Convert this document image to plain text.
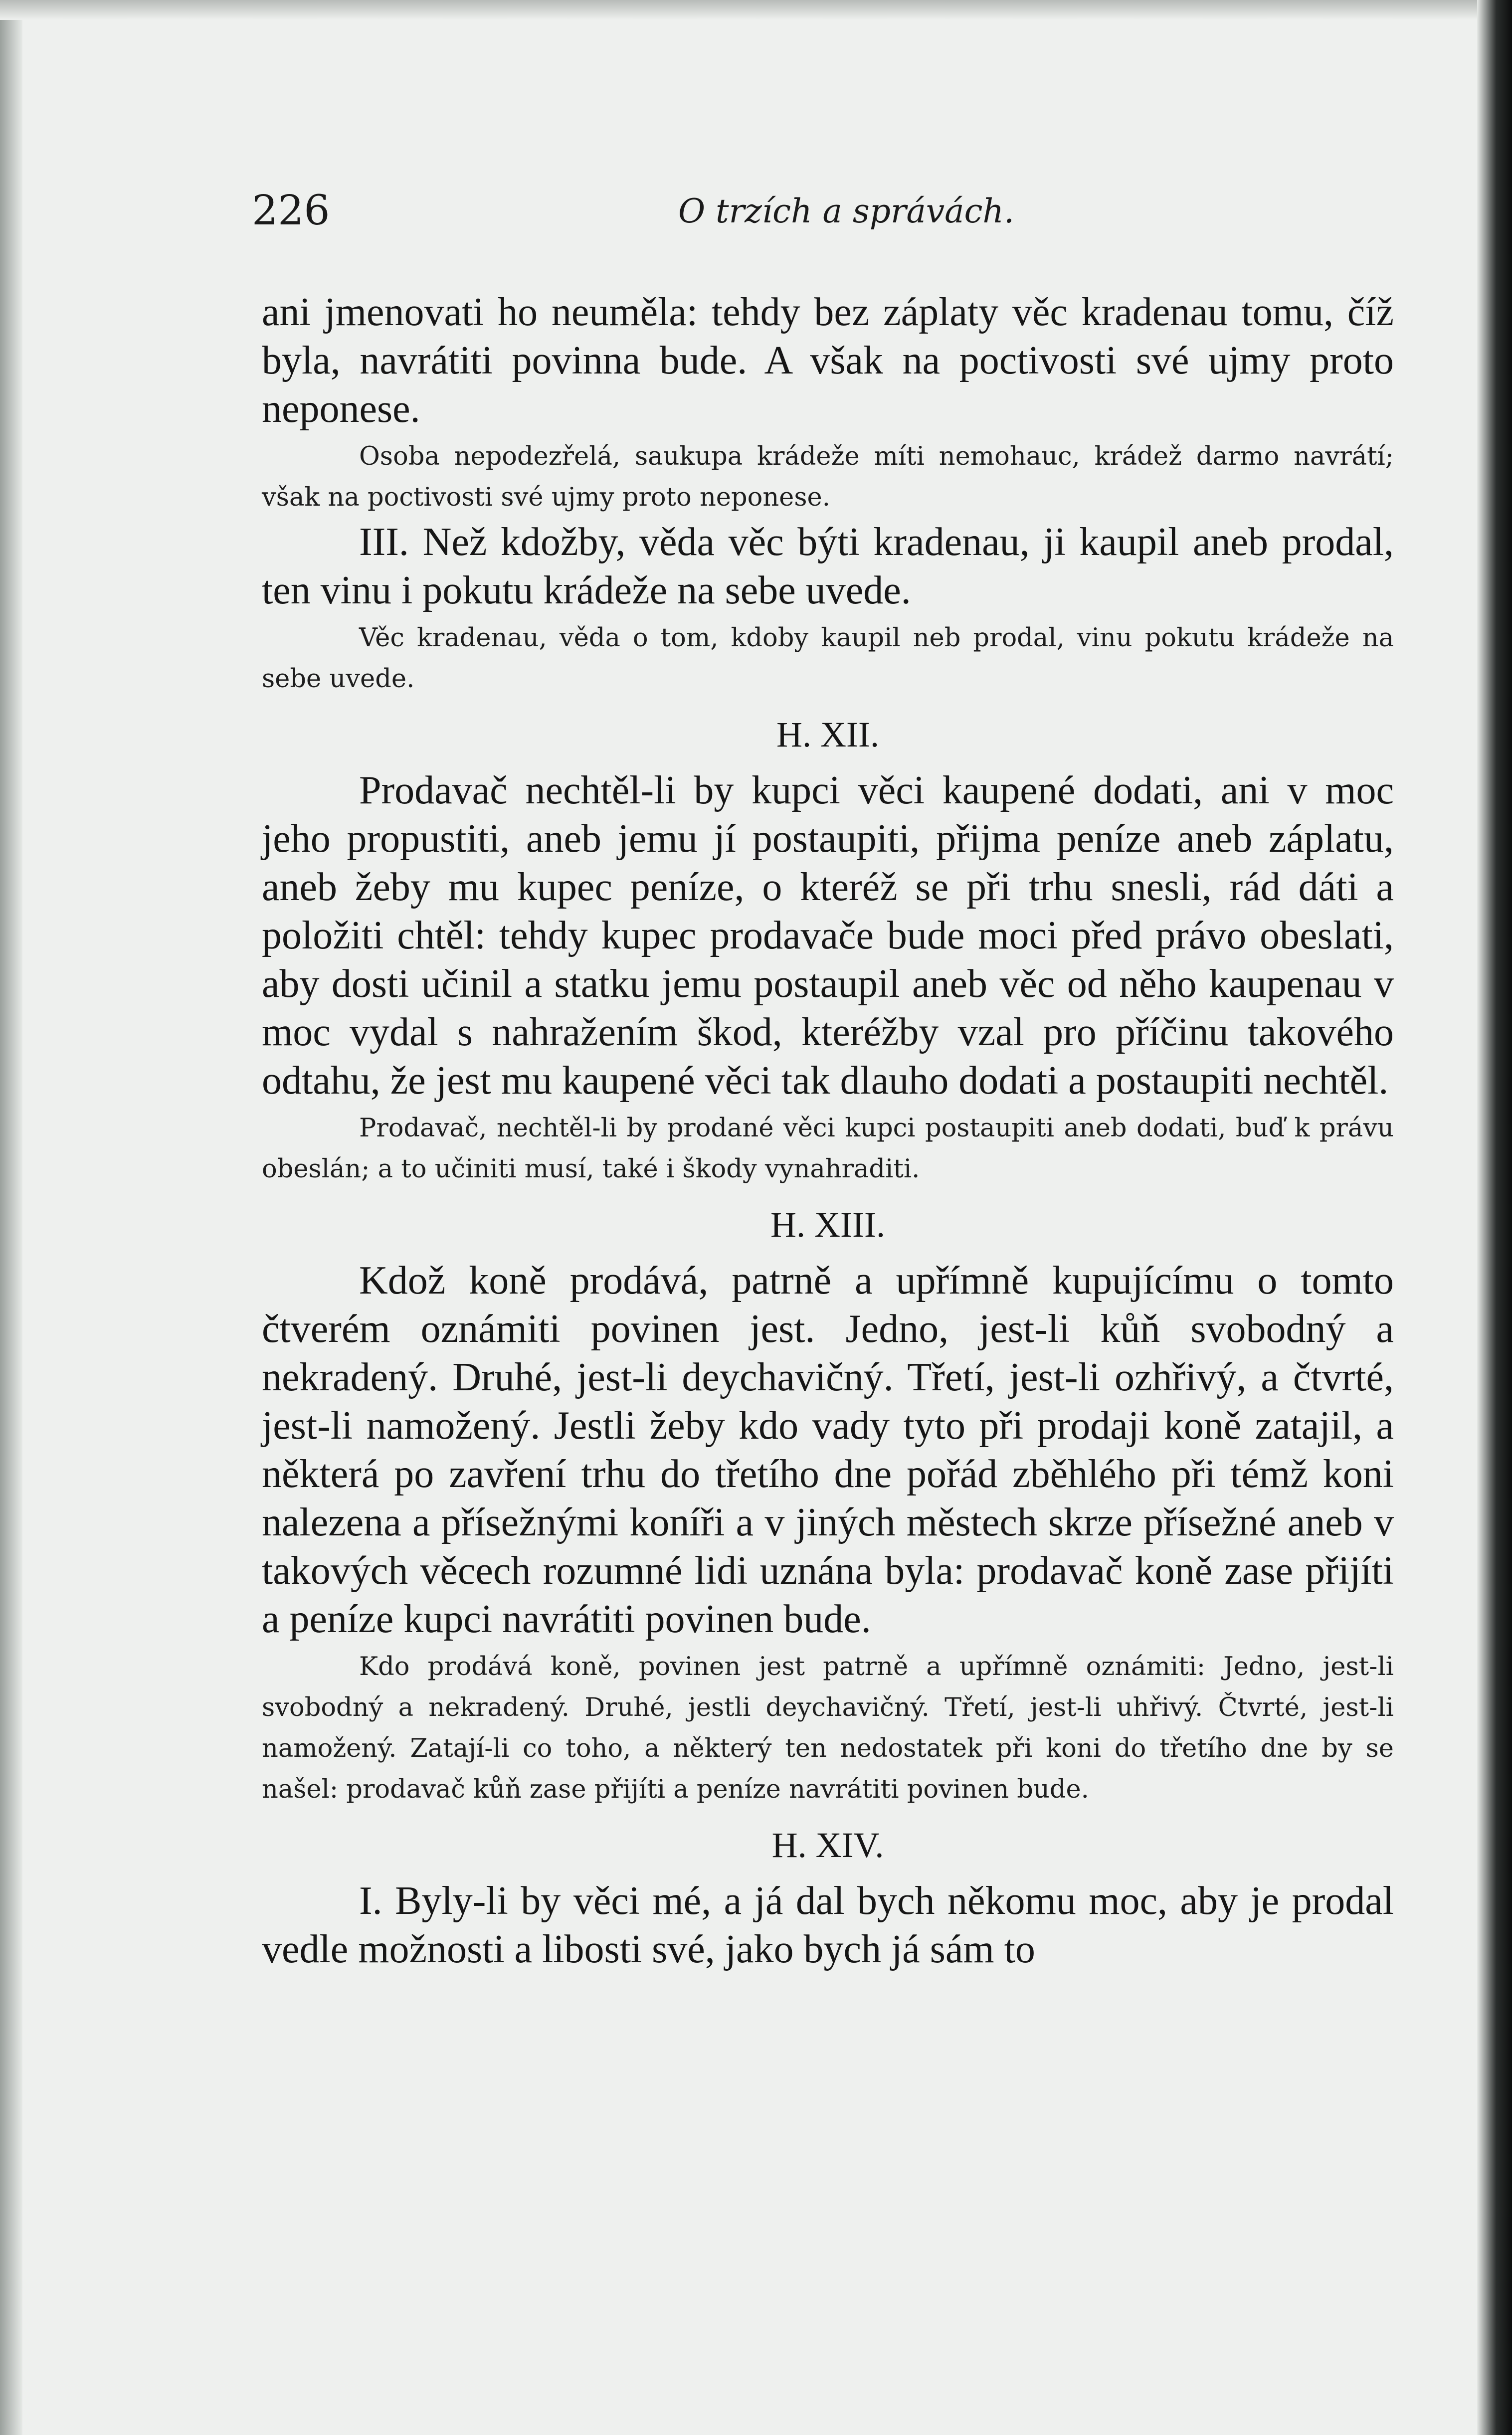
226	O trzích a správách.

ani jmenovati ho neuměla: tehdy bez záplaty věc kradenau tomu, číž byla, navrátiti povinna bude. A však na poctivosti své ujmy proto neponese.

Osoba nepodezřelá, saukupa krádeže míti nemohauc, krádež darmo navrátí; však na poctivosti své ujmy proto neponese.

III. Než kdožby, věda věc býti kradenau, ji kaupil aneb prodal, ten vinu i pokutu krádeže na sebe uvede.

Věc kradenau, věda o tom, kdoby kaupil neb prodal, vinu pokutu krádeže na sebe uvede.

H. XII.

Prodavač nechtěl-li by kupci věci kaupené dodati, ani v moc jeho propustiti, aneb jemu jí postaupiti, přijma peníze aneb záplatu, aneb žeby mu kupec peníze, o kteréž se při trhu snesli, rád dáti a položiti chtěl: tehdy kupec prodavače bude moci před právo obeslati, aby dosti učinil a statku jemu postaupil aneb věc od něho kaupenau v moc vydal s nahražením škod, kteréžby vzal pro příčinu takového odtahu, že jest mu kaupené věci tak dlauho dodati a postaupiti nechtěl.

Prodavač, nechtěl-li by prodané věci kupci postaupiti aneb dodati, buď k právu obeslán; a to učiniti musí, také i škody vynahraditi.

H. XIII.

Kdož koně prodává, patrně a upřímně kupujícímu o tomto čtverém oznámiti povinen jest. Jedno, jest-li kůň svobodný a nekradený. Druhé, jest-li deychavičný. Třetí, jest-li ozhřivý, a čtvrté, jest-li namožený. Jestli žeby kdo vady tyto při prodaji koně zatajil, a některá po zavření trhu do třetího dne pořád zběhlého při témž koni nalezena a přísežnými koníři a v jiných městech skrze přísežné aneb v takových věcech rozumné lidi uznána byla: prodavač koně zase přijíti a peníze kupci navrátiti povinen bude.

Kdo prodává koně, povinen jest patrně a upřímně oznámiti: Jedno, jest-li svobodný a nekradený. Druhé, jestli deychavičný. Třetí, jest-li uhřivý. Čtvrté, jest-li namožený. Zatají-li co toho, a některý ten nedostatek při koni do třetího dne by se našel: prodavač kůň zase přijíti a peníze navrátiti povinen bude.

H. XIV.

I. Byly-li by věci mé, a já dal bych někomu moc, aby je prodal vedle možnosti a libosti své, jako bych já sám to
